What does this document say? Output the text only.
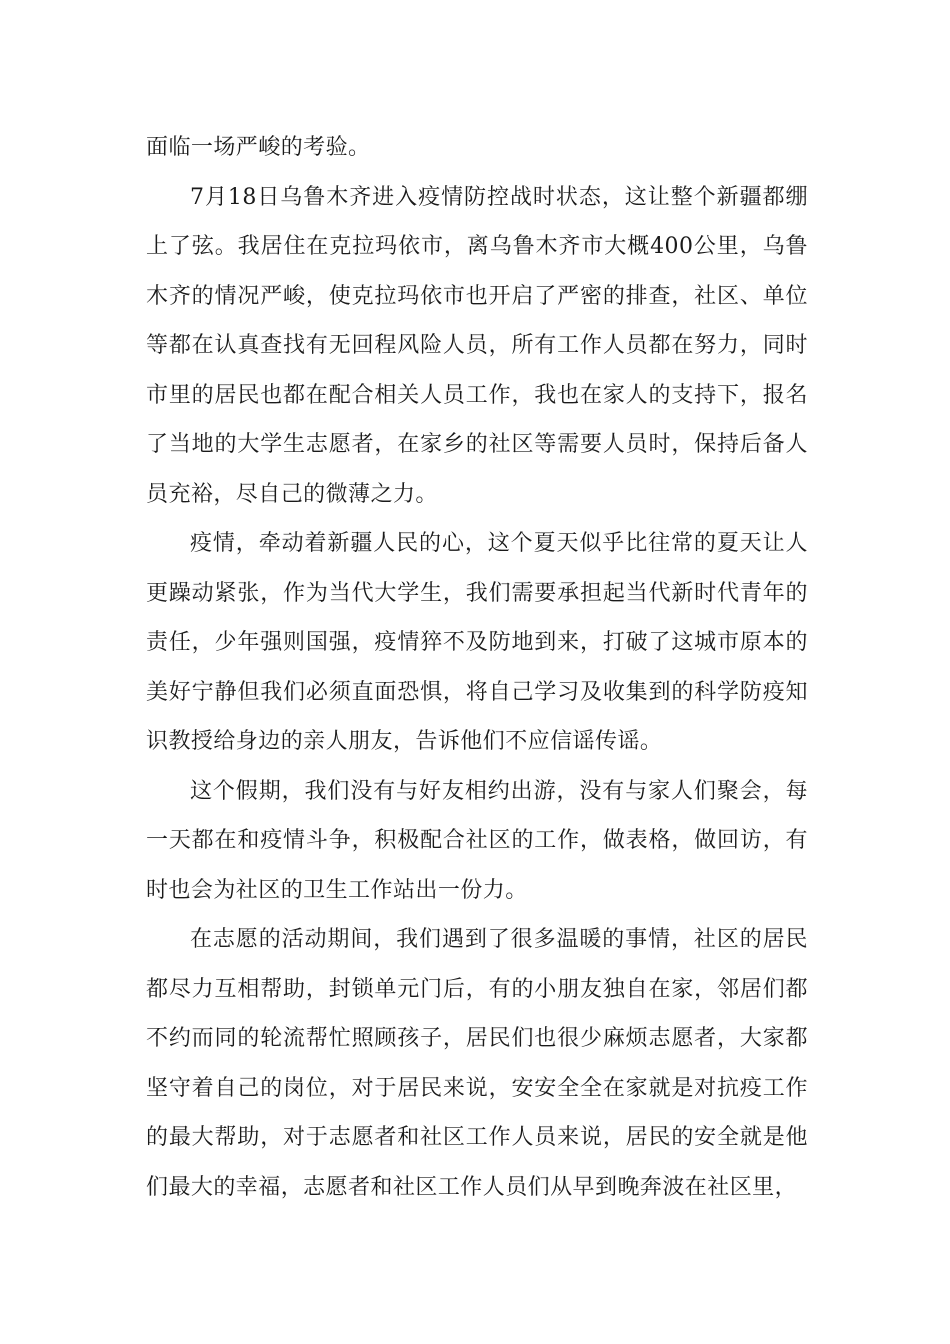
面临一场严峻的考验。

7月18日乌鲁木齐进入疫情防控战时状态，这让整个新疆都绷上了弦。我居住在克拉玛依市，离乌鲁木齐市大概400公里，乌鲁木齐的情况严峻，使克拉玛依市也开启了严密的排查，社区、单位等都在认真查找有无回程风险人员，所有工作人员都在努力，同时市里的居民也都在配合相关人员工作，我也在家人的支持下，报名了当地的大学生志愿者，在家乡的社区等需要人员时，保持后备人员充裕，尽自己的微薄之力。

疫情，牵动着新疆人民的心，这个夏天似乎比往常的夏天让人更躁动紧张，作为当代大学生，我们需要承担起当代新时代青年的责任，少年强则国强，疫情猝不及防地到来，打破了这城市原本的美好宁静但我们必须直面恐惧，将自己学习及收集到的科学防疫知识教授给身边的亲人朋友，告诉他们不应信谣传谣。

这个假期，我们没有与好友相约出游，没有与家人们聚会，每一天都在和疫情斗争，积极配合社区的工作，做表格，做回访，有时也会为社区的卫生工作站出一份力。

在志愿的活动期间，我们遇到了很多温暖的事情，社区的居民都尽力互相帮助，封锁单元门后，有的小朋友独自在家，邻居们都不约而同的轮流帮忙照顾孩子，居民们也很少麻烦志愿者，大家都坚守着自己的岗位，对于居民来说，安安全全在家就是对抗疫工作的最大帮助，对于志愿者和社区工作人员来说，居民的安全就是他们最大的幸福，志愿者和社区工作人员们从早到晚奔波在社区里，
